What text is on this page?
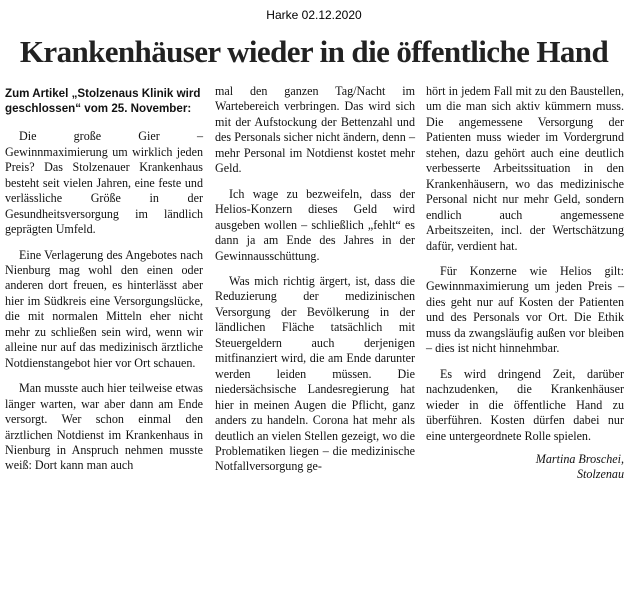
Harke 02.12.2020
Krankenhäuser wieder in die öffentliche Hand
Zum Artikel „Stolzenaus Klinik wird geschlossen“ vom 25. November:

Die große Gier – Gewinnmaximierung um wirklich jeden Preis? Das Stolzenauer Krankenhaus besteht seit vielen Jahren, eine feste und verlässliche Größe in der Gesundheitsversorgung im ländlich geprägten Umfeld.

Eine Verlagerung des Angebotes nach Nienburg mag wohl den einen oder anderen dort freuen, es hinterlässt aber hier im Südkreis eine Versorgungslücke, die mit normalen Mitteln eher nicht mehr zu schließen sein wird, wenn wir alleine nur auf das medizinisch ärztliche Notdienstangebot hier vor Ort schauen.

Man musste auch hier teilweise etwas länger warten, war aber dann am Ende versorgt. Wer schon einmal den ärztlichen Notdienst im Krankenhaus in Nienburg in Anspruch nehmen musste weiß: Dort kann man auch

mal den ganzen Tag/Nacht im Wartebereich verbringen. Das wird sich mit der Aufstockung der Bettenzahl und des Personals sicher nicht ändern, denn – mehr Personal im Notdienst kostet mehr Geld.

Ich wage zu bezweifeln, dass der Helios-Konzern dieses Geld wird ausgeben wollen – schließlich „fehlt“ es dann ja am Ende des Jahres in der Gewinnausschüttung.

Was mich richtig ärgert, ist, dass die Reduzierung der medizinischen Versorgung der Bevölkerung in der ländlichen Fläche tatsächlich mit Steuergeldern auch derjenigen mitfinanziert wird, die am Ende darunter werden leiden müssen. Die niedersächsische Landesregierung hat hier in meinen Augen die Pflicht, ganz anders zu handeln. Corona hat mehr als deutlich an vielen Stellen gezeigt, wo die Problematiken liegen – die medizinische Notfallversorgung ge-

hört in jedem Fall mit zu den Baustellen, um die man sich aktiv kümmern muss. Die angemessene Versorgung der Patienten muss wieder im Vordergrund stehen, dazu gehört auch eine deutlich verbesserte Arbeitssituation in den Krankenhäusern, wo das medizinische Personal nicht nur mehr Geld, sondern endlich auch angemessene Arbeitszeiten, incl. der Wertschätzung dafür, verdient hat.

Für Konzerne wie Helios gilt: Gewinnmaximierung um jeden Preis – dies geht nur auf Kosten der Patienten und des Personals vor Ort. Die Ethik muss da zwangsläufig außen vor bleiben – dies ist nicht hinnehmbar.

Es wird dringend Zeit, darüber nachzudenken, die Krankenhäuser wieder in die öffentliche Hand zu überführen. Kosten dürfen dabei nur eine untergeordnete Rolle spielen.

Martina Broschei,
Stolzenau
